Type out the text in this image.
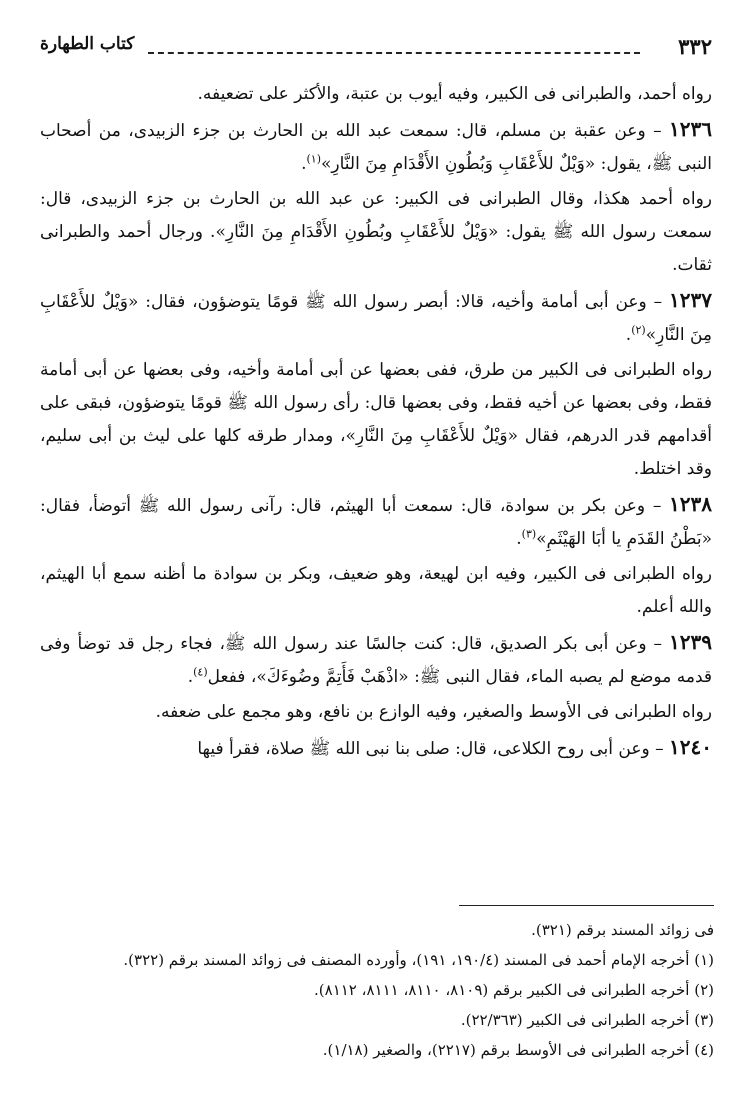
٣٣٢
كتاب الطهارة

رواه أحمد، والطبرانى فى الكبير، وفيه أيوب بن عتبة، والأكثر على تضعيفه.

١٢٣٦ – وعن عقبة بن مسلم، قال: سمعت عبد الله بن الحارث بن جزء الزبيدى، من أصحاب النبى ﷺ، يقول: «وَيْلٌ للأَعْقَابِ وَبُطُونِ الأَقْدَامِ مِنَ النَّارِ»$^{(١)}$.

رواه أحمد هكذا، وقال الطبرانى فى الكبير: عن عبد الله بن الحارث بن جزء الزبيدى، قال: سمعت رسول الله ﷺ يقول: «وَيْلٌ للأَعْقَابِ وبُطُونِ الأَقْدَامِ مِنَ النَّارِ». ورجال أحمد والطبرانى ثقات.

١٢٣٧ – وعن أبى أمامة وأخيه، قالا: أبصر رسول الله ﷺ قومًا يتوضؤون، فقال: «وَيْلٌ للأَعْقَابِ مِنَ النَّارِ»$^{(٢)}$.

رواه الطبرانى فى الكبير من طرق، ففى بعضها عن أبى أمامة وأخيه، وفى بعضها عن أبى أمامة فقط، وفى بعضها عن أخيه فقط، وفى بعضها قال: رأى رسول الله ﷺ قومًا يتوضؤون، فبقى على أقدامهم قدر الدرهم، فقال «وَيْلٌ للأَعْقَابِ مِنَ النَّارِ»، ومدار طرقه كلها على ليث بن أبى سليم، وقد اختلط.

١٢٣٨ – وعن بكر بن سوادة، قال: سمعت أبا الهيثم، قال: رآنى رسول الله ﷺ أتوضأ، فقال: «بَطْنُ القَدَمِ يا أبَا الهَيْثَمِ»$^{(٣)}$.

رواه الطبرانى فى الكبير، وفيه ابن لهيعة، وهو ضعيف، وبكر بن سوادة ما أظنه سمع أبا الهيثم، والله أعلم.

١٢٣٩ – وعن أبى بكر الصديق، قال: كنت جالسًا عند رسول الله ﷺ، فجاء رجل قد توضأ وفى قدمه موضع لم يصبه الماء، فقال النبى ﷺ: «اذْهَبْ فَأَتِمَّ وضُوءَكَ»، ففعل$^{(٤)}$.

رواه الطبرانى فى الأوسط والصغير، وفيه الوازع بن نافع، وهو مجمع على ضعفه.

١٢٤٠ – وعن أبى روح الكلاعى، قال: صلى بنا نبى الله ﷺ صلاة، فقرأ فيها

فى زوائد المسند برقم (٣٢١).
(١) أخرجه الإمام أحمد فى المسند (١٩٠/٤، ١٩١)، وأورده المصنف فى زوائد المسند برقم (٣٢٢).
(٢) أخرجه الطبرانى فى الكبير برقم (٨١٠٩، ٨١١٠، ٨١١١، ٨١١٢).
(٣) أخرجه الطبرانى فى الكبير (٢٢/٣٦٣).
(٤) أخرجه الطبرانى فى الأوسط برقم (٢٢١٧)، والصغير (١/١٨).
